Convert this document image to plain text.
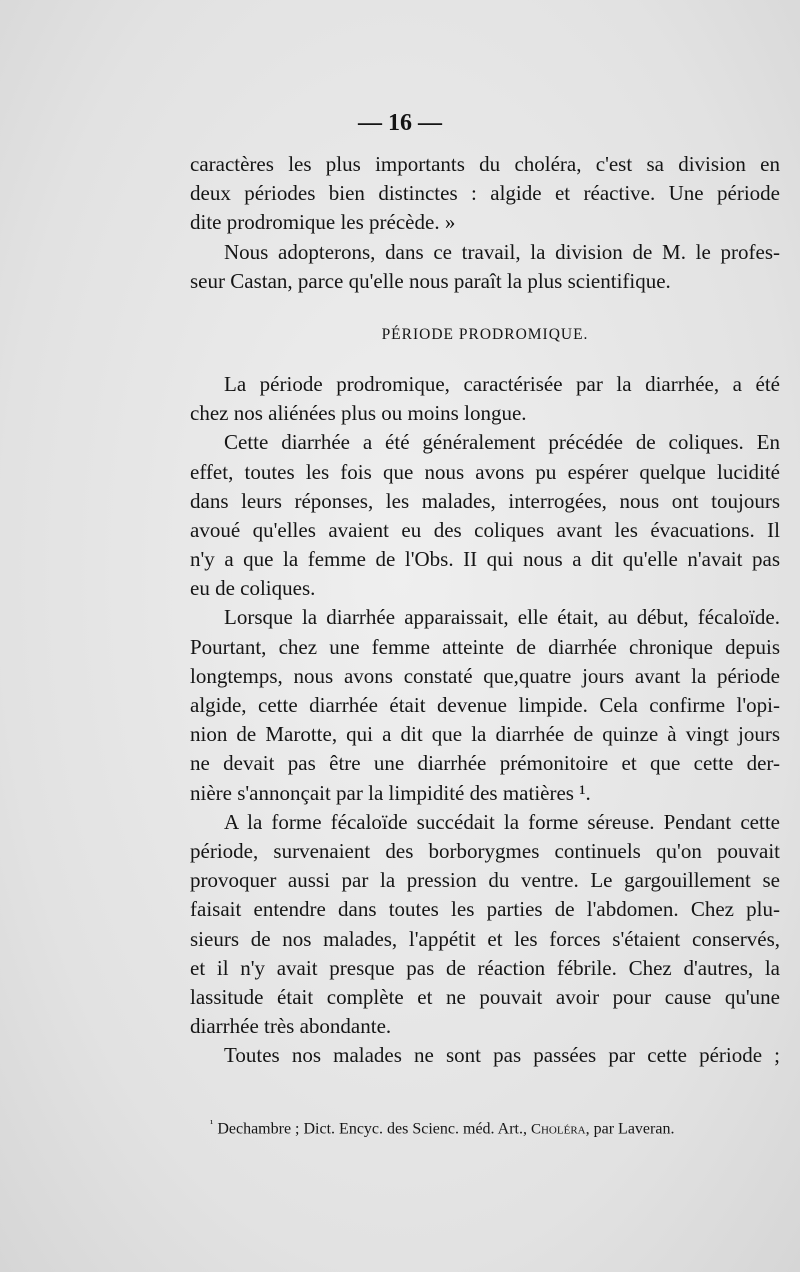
— 16 —
caractères les plus importants du choléra, c'est sa division en
deux périodes bien distinctes : algide et réactive. Une période
dite prodromique les précède. »
Nous adopterons, dans ce travail, la division de M. le profes-
seur Castan, parce qu'elle nous paraît la plus scientifique.
PÉRIODE PRODROMIQUE.
La période prodromique, caractérisée par la diarrhée, a été
chez nos aliénées plus ou moins longue.
Cette diarrhée a été généralement précédée de coliques. En
effet, toutes les fois que nous avons pu espérer quelque lucidité
dans leurs réponses, les malades, interrogées, nous ont toujours
avoué qu'elles avaient eu des coliques avant les évacuations. Il
n'y a que la femme de l'Obs. II qui nous a dit qu'elle n'avait pas
eu de coliques.
Lorsque la diarrhée apparaissait, elle était, au début, fécaloïde.
Pourtant, chez une femme atteinte de diarrhée chronique depuis
longtemps, nous avons constaté que,quatre jours avant la période
algide, cette diarrhée était devenue limpide. Cela confirme l'opi-
nion de Marotte, qui a dit que la diarrhée de quinze à vingt jours
ne devait pas être une diarrhée prémonitoire et que cette der-
nière s'annonçait par la limpidité des matières ¹.
A la forme fécaloïde succédait la forme séreuse. Pendant cette
période, survenaient des borborygmes continuels qu'on pouvait
provoquer aussi par la pression du ventre. Le gargouillement se
faisait entendre dans toutes les parties de l'abdomen. Chez plu-
sieurs de nos malades, l'appétit et les forces s'étaient conservés,
et il n'y avait presque pas de réaction fébrile. Chez d'autres, la
lassitude était complète et ne pouvait avoir pour cause qu'une
diarrhée très abondante.
Toutes nos malades ne sont pas passées par cette période ;
$^{^1}$ Dechambre ; Dict. Encyc. des Scienc. méd. Art., Choléra, par Laveran.
